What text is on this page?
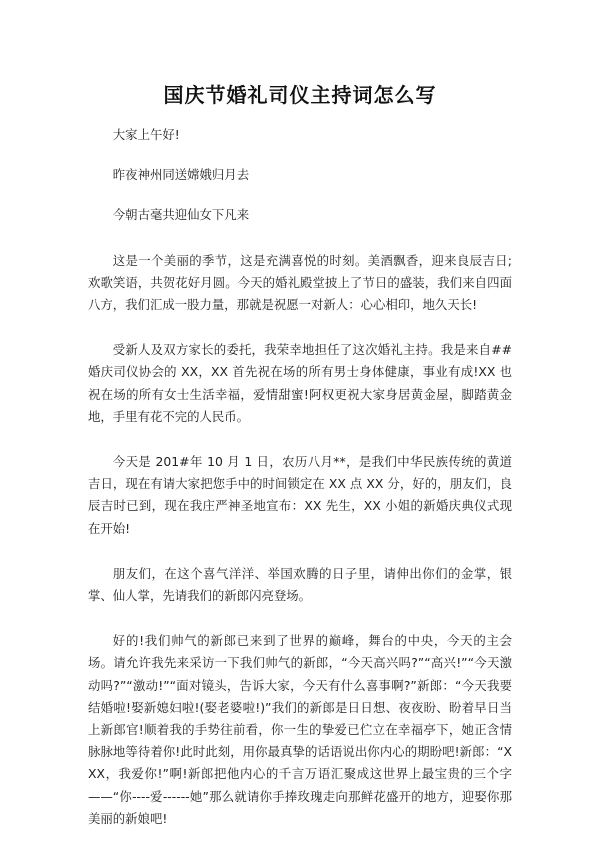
国庆节婚礼司仪主持词怎么写

大家上午好!

昨夜神州同送嫦娥归月去

今朝古毫共迎仙女下凡来

这是一个美丽的季节，这是充满喜悦的时刻。美酒飘香，迎来良辰吉日;欢歌笑语，共贺花好月圆。今天的婚礼殿堂披上了节日的盛装，我们来自四面八方，我们汇成一股力量，那就是祝愿一对新人：心心相印，地久天长!

受新人及双方家长的委托，我荣幸地担任了这次婚礼主持。我是来自##婚庆司仪协会的 XX，XX 首先祝在场的所有男士身体健康，事业有成!XX 也祝在场的所有女士生活幸福，爱情甜蜜!阿权更祝大家身居黄金屋，脚踏黄金地，手里有花不完的人民币。

今天是 201#年 10 月 1 日，农历八月**，是我们中华民族传统的黄道吉日，现在有请大家把您手中的时间锁定在 XX 点 XX 分，好的，朋友们，良辰吉时已到，现在我庄严神圣地宣布：XX 先生，XX 小姐的新婚庆典仪式现在开始!

朋友们，在这个喜气洋洋、举国欢腾的日子里，请伸出你们的金掌，银掌、仙人掌，先请我们的新郎闪亮登场。

好的!我们帅气的新郎已来到了世界的巅峰，舞台的中央，今天的主会场。请允许我先来采访一下我们帅气的新郎，“今天高兴吗?”“高兴!”“今天激动吗?”“激动!”“面对镜头，告诉大家，今天有什么喜事啊?”新郎：“今天我要结婚啦!娶新媳妇啦!(娶老婆啦!)”我们的新郎是日日想、夜夜盼、盼着早日当上新郎官!顺着我的手势往前看，你一生的挚爱已伫立在幸福亭下，她正含情脉脉地等待着你!此时此刻，用你最真挚的话语说出你内心的期盼吧!新郎：“XXX，我爱你!”啊!新郎把他内心的千言万语汇聚成这世界上最宝贵的三个字——“你----爱------她”那么就请你手捧玫瑰走向那鲜花盛开的地方，迎娶你那美丽的新娘吧!
